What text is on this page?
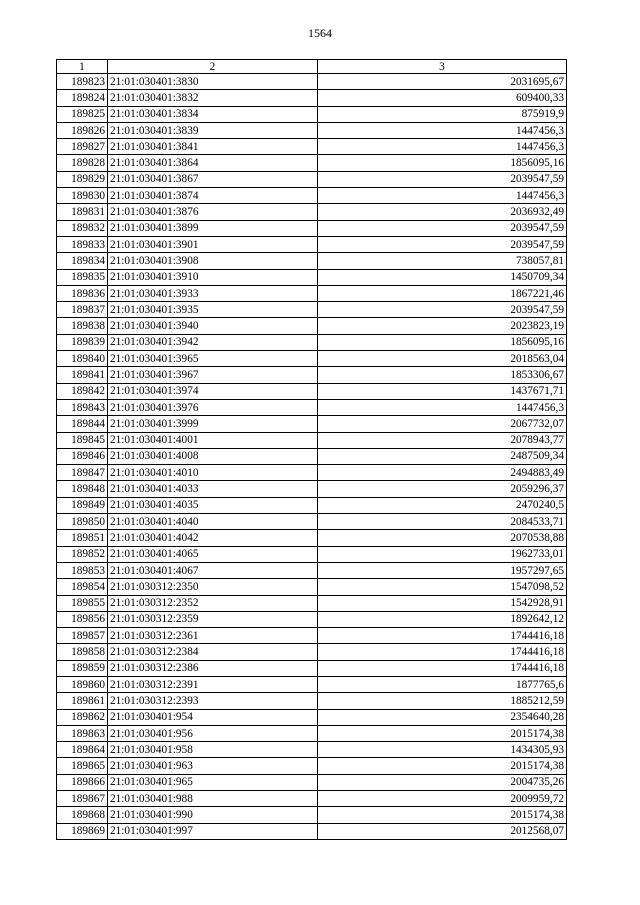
1564
1	2	3
189823	21:01:030401:3830	2031695,67
189824	21:01:030401:3832	609400,33
189825	21:01:030401:3834	875919,9
189826	21:01:030401:3839	1447456,3
189827	21:01:030401:3841	1447456,3
189828	21:01:030401:3864	1856095,16
189829	21:01:030401:3867	2039547,59
189830	21:01:030401:3874	1447456,3
189831	21:01:030401:3876	2036932,49
189832	21:01:030401:3899	2039547,59
189833	21:01:030401:3901	2039547,59
189834	21:01:030401:3908	738057,81
189835	21:01:030401:3910	1450709,34
189836	21:01:030401:3933	1867221,46
189837	21:01:030401:3935	2039547,59
189838	21:01:030401:3940	2023823,19
189839	21:01:030401:3942	1856095,16
189840	21:01:030401:3965	2018563,04
189841	21:01:030401:3967	1853306,67
189842	21:01:030401:3974	1437671,71
189843	21:01:030401:3976	1447456,3
189844	21:01:030401:3999	2067732,07
189845	21:01:030401:4001	2078943,77
189846	21:01:030401:4008	2487509,34
189847	21:01:030401:4010	2494883,49
189848	21:01:030401:4033	2059296,37
189849	21:01:030401:4035	2470240,5
189850	21:01:030401:4040	2084533,71
189851	21:01:030401:4042	2070538,88
189852	21:01:030401:4065	1962733,01
189853	21:01:030401:4067	1957297,65
189854	21:01:030312:2350	1547098,52
189855	21:01:030312:2352	1542928,91
189856	21:01:030312:2359	1892642,12
189857	21:01:030312:2361	1744416,18
189858	21:01:030312:2384	1744416,18
189859	21:01:030312:2386	1744416,18
189860	21:01:030312:2391	1877765,6
189861	21:01:030312:2393	1885212,59
189862	21:01:030401:954	2354640,28
189863	21:01:030401:956	2015174,38
189864	21:01:030401:958	1434305,93
189865	21:01:030401:963	2015174,38
189866	21:01:030401:965	2004735,26
189867	21:01:030401:988	2009959,72
189868	21:01:030401:990	2015174,38
189869	21:01:030401:997	2012568,07
